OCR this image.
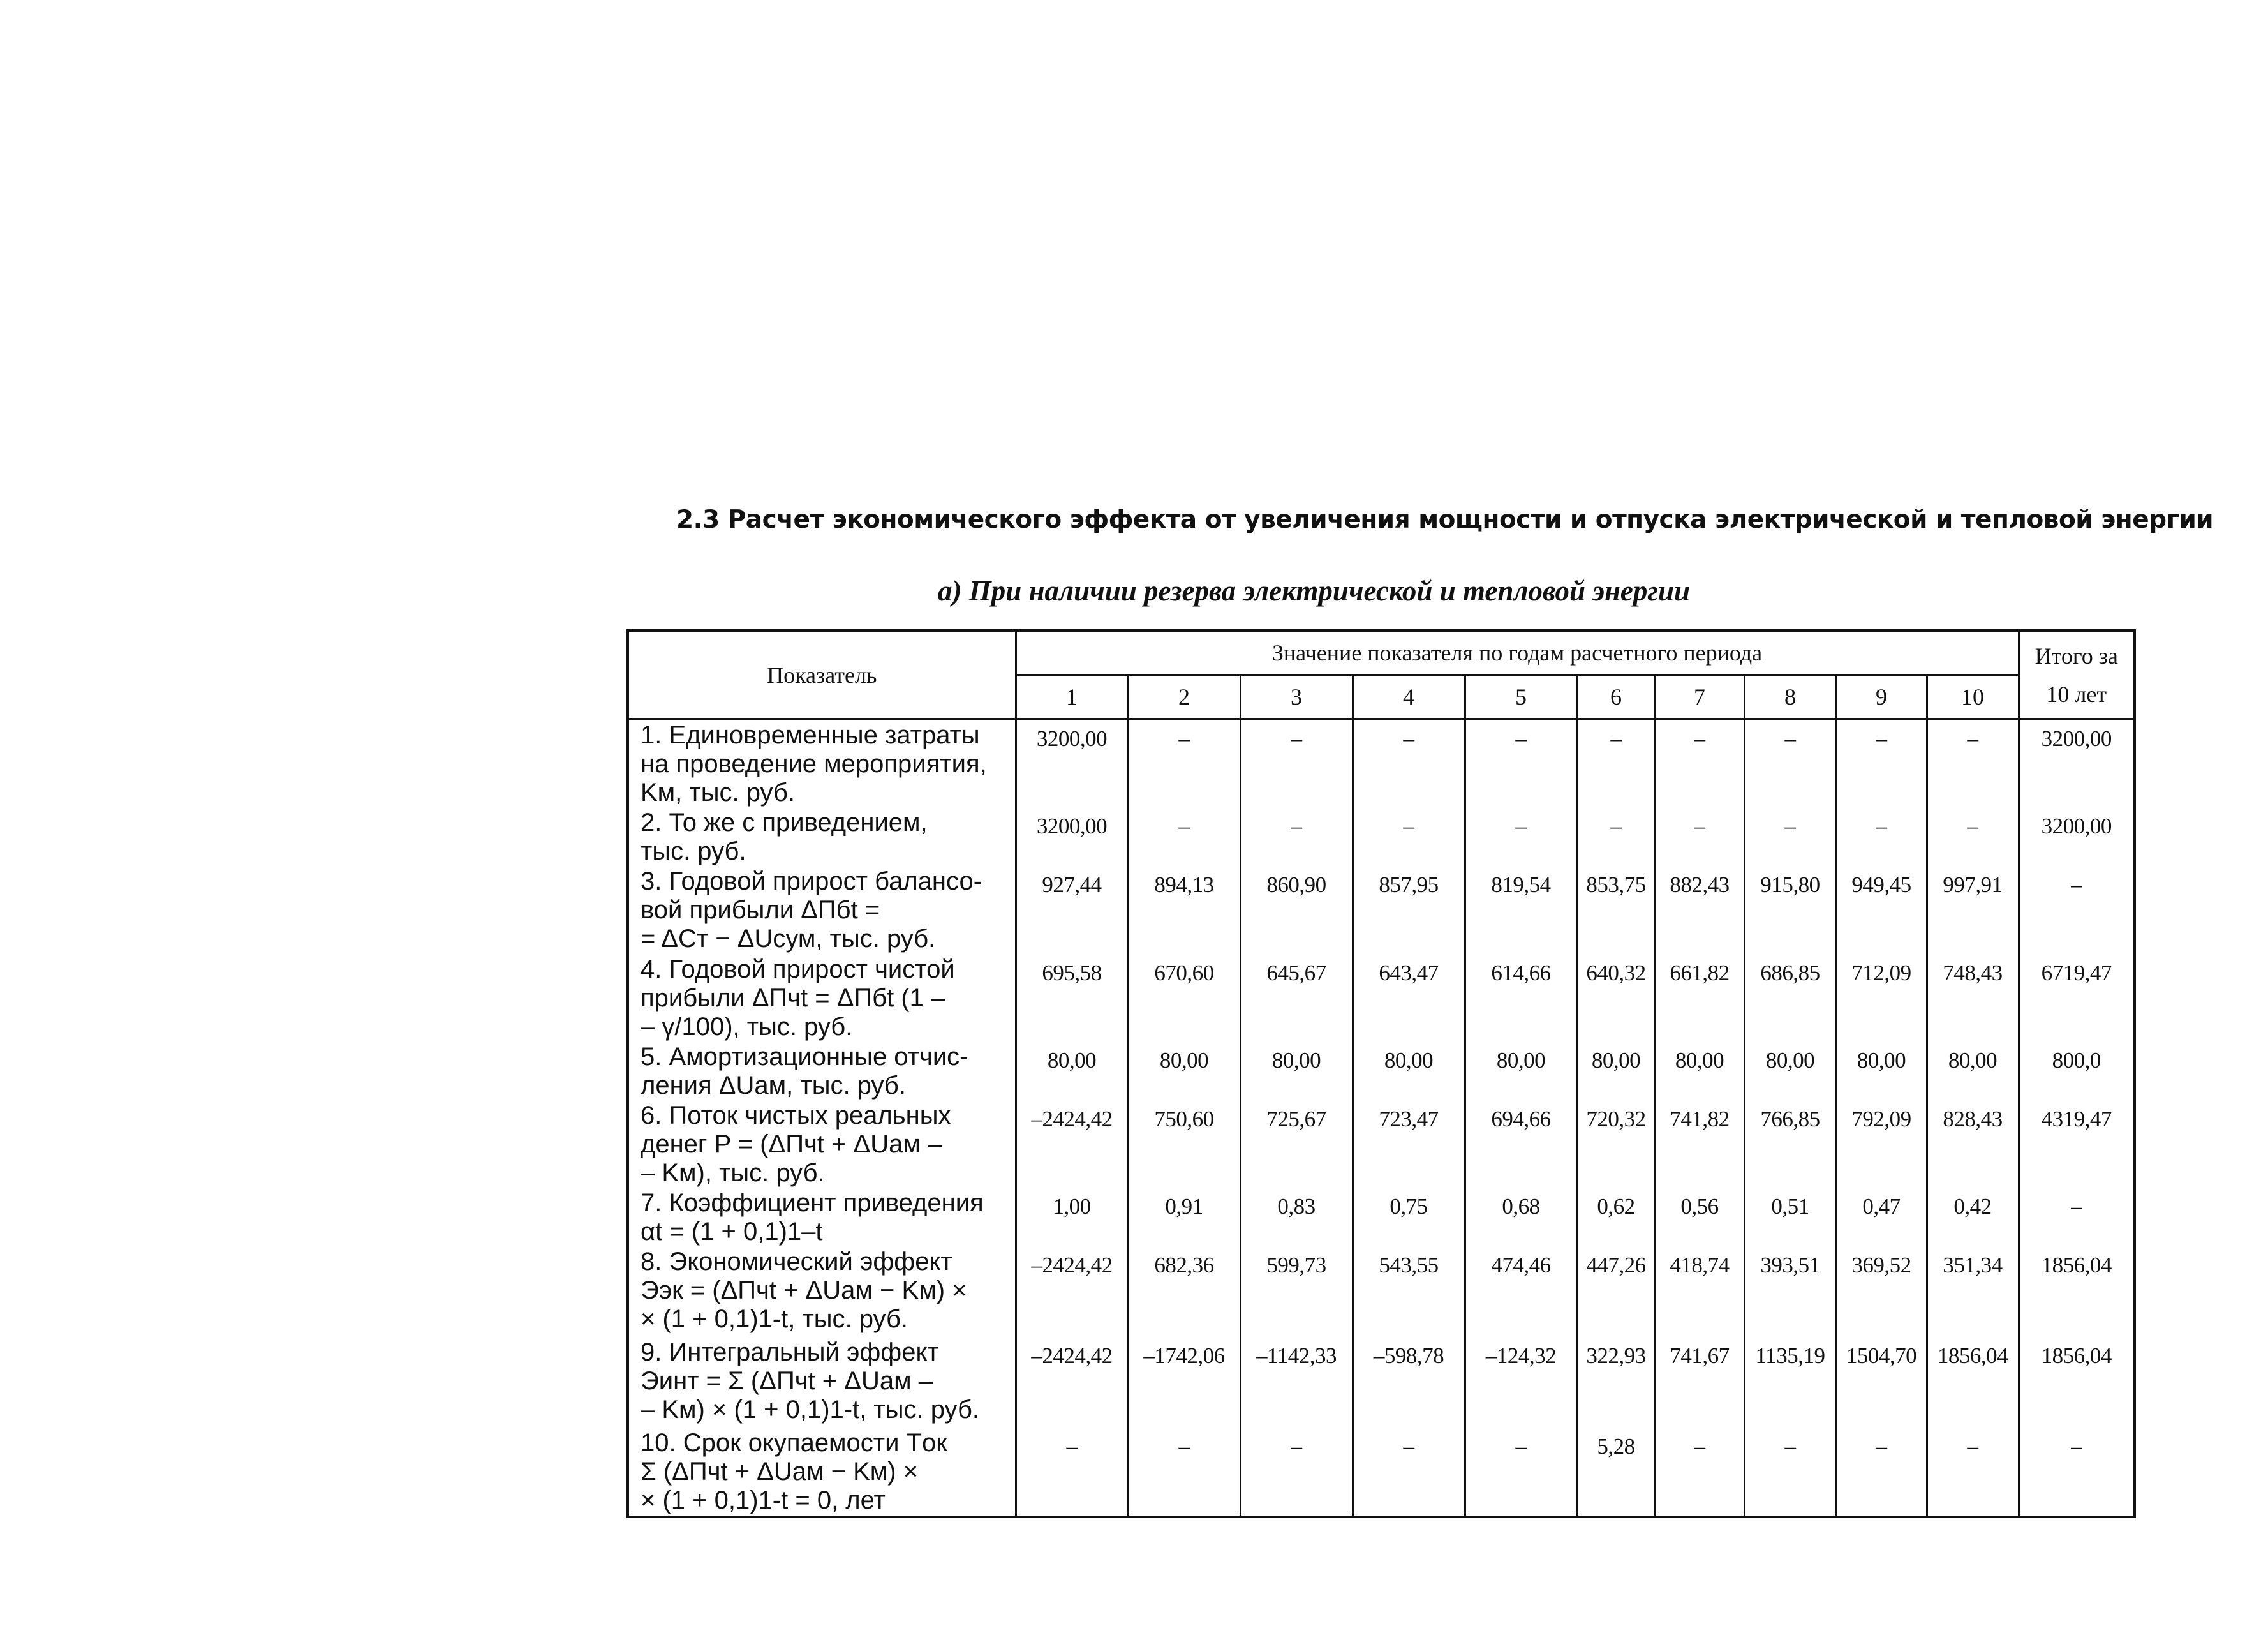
2.3 Расчет экономического эффекта от увеличения мощности и отпуска электрической и тепловой энергии
а) При наличии резерва электрической и тепловой энергии
Показатель	Значение показателя по годам расчетного периода										Итого за
10 лет

	1	2	3	4	5	6	7	8	9	10	

1. Единовременные затраты
на проведение мероприятия,
Kм, тыс. руб.	3200,00	–	–	–	–	–	–	–	–	–	3200,00

2. То же с приведением,
тыс. руб.	3200,00	–	–	–	–	–	–	–	–	–	3200,00

3. Годовой прирост балансо-
вой прибыли ΔПбt =
= ΔСт − ΔUсум, тыс. руб.	927,44	894,13	860,90	857,95	819,54	853,75	882,43	915,80	949,45	997,91	–

4. Годовой прирост чистой
прибыли ΔПчt = ΔПбt (1 –
– γ/100), тыс. руб.	695,58	670,60	645,67	643,47	614,66	640,32	661,82	686,85	712,09	748,43	6719,47

5. Амортизационные отчис-
ления ΔUам, тыс. руб.	80,00	80,00	80,00	80,00	80,00	80,00	80,00	80,00	80,00	80,00	800,0

6. Поток чистых реальных
денег P = (ΔПчt + ΔUам –
– Kм), тыс. руб.	–2424,42	750,60	725,67	723,47	694,66	720,32	741,82	766,85	792,09	828,43	4319,47

7. Коэффициент приведения
αt = (1 + 0,1)1–t	1,00	0,91	0,83	0,75	0,68	0,62	0,56	0,51	0,47	0,42	–

8. Экономический эффект
Ээк = (ΔПчt + ΔUам − Kм) ×
× (1 + 0,1)1-t, тыс. руб.	–2424,42	682,36	599,73	543,55	474,46	447,26	418,74	393,51	369,52	351,34	1856,04

9. Интегральный эффект
Эинт = Σ (ΔПчt + ΔUам –
– Kм) × (1 + 0,1)1-t, тыс. руб.	–2424,42	–1742,06	–1142,33	–598,78	–124,32	322,93	741,67	1135,19	1504,70	1856,04	1856,04

10. Срок окупаемости Tок
Σ (ΔПчt + ΔUам − Kм) ×
× (1 + 0,1)1-t = 0, лет	–	–	–	–	–	5,28	–	–	–	–	–
